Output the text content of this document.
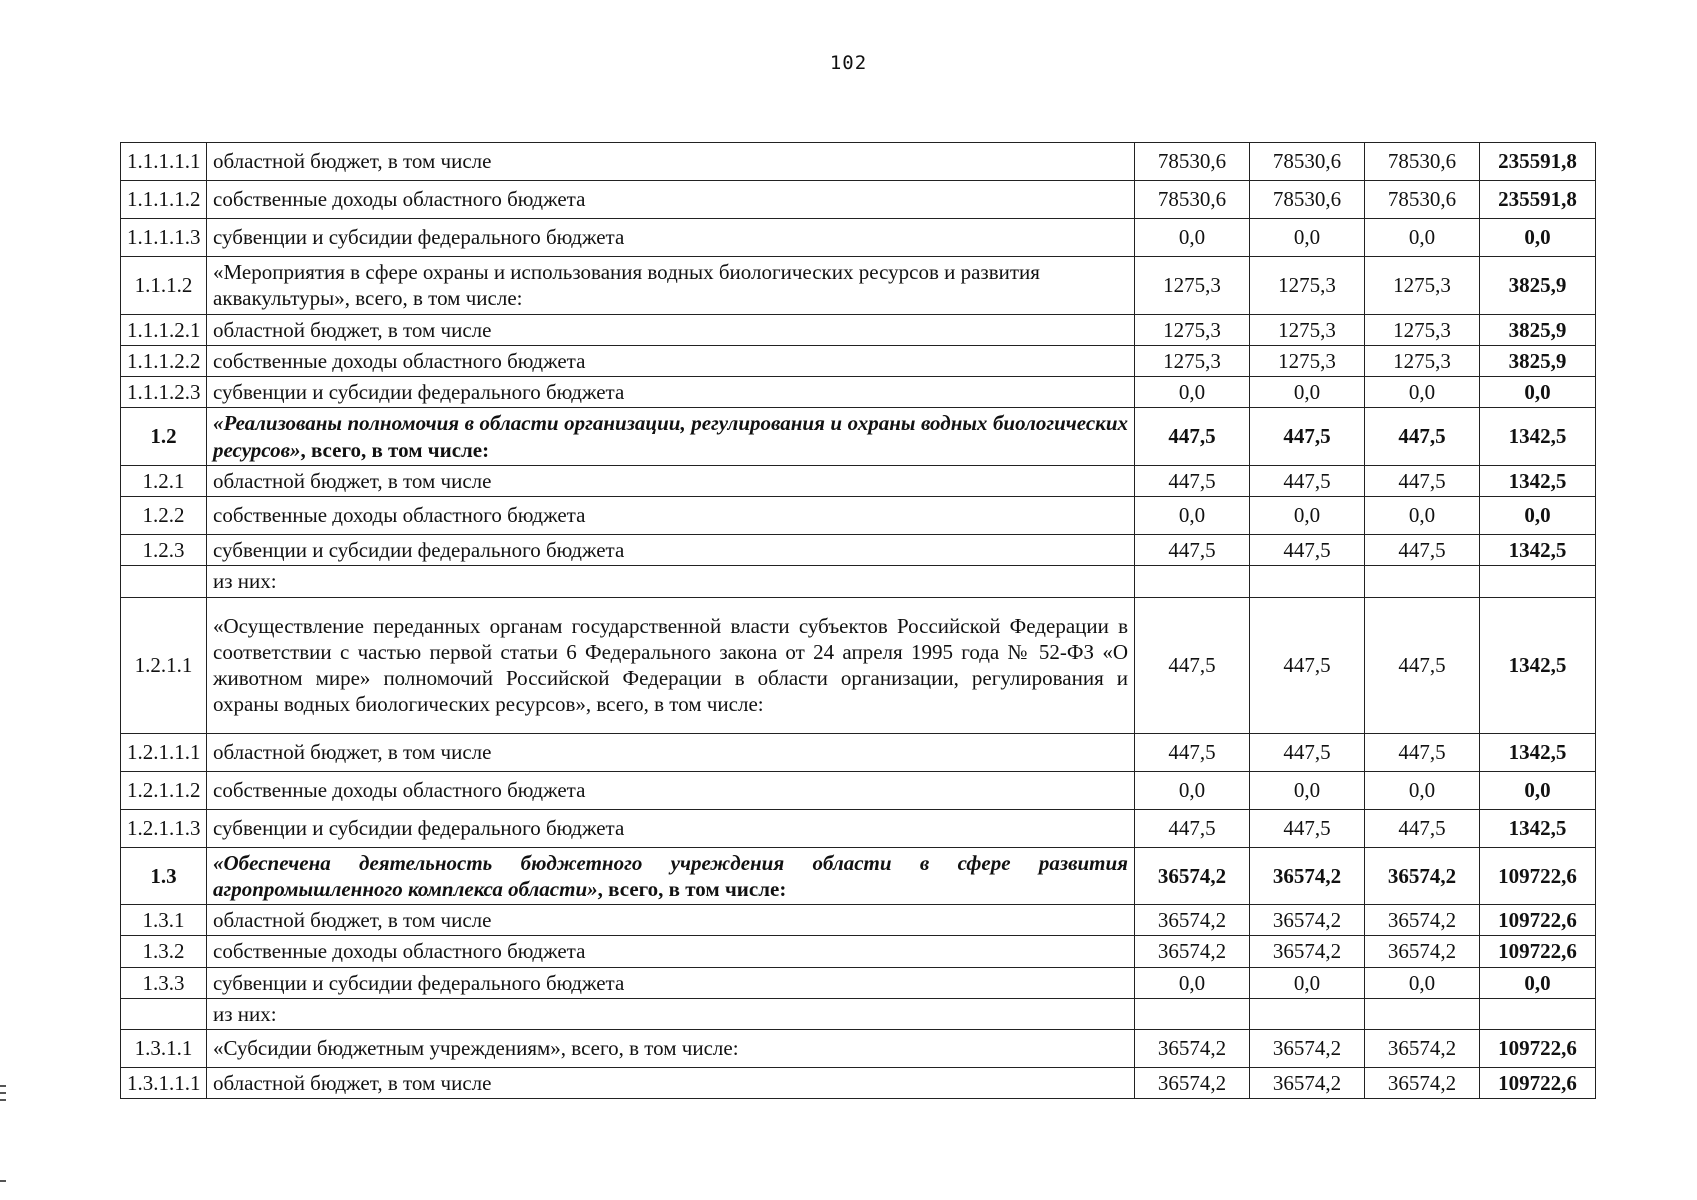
102
1.1.1.1.1	областной бюджет, в том числе	78530,6	78530,6	78530,6	235591,8
1.1.1.1.2	собственные доходы областного бюджета	78530,6	78530,6	78530,6	235591,8
1.1.1.1.3	субвенции и субсидии федерального бюджета	0,0	0,0	0,0	0,0
1.1.1.2	«Мероприятия в сфере охраны и использования водных биологических ресурсов и развития аквакультуры», всего, в том числе:	1275,3	1275,3	1275,3	3825,9
1.1.1.2.1	областной бюджет, в том числе	1275,3	1275,3	1275,3	3825,9
1.1.1.2.2	собственные доходы областного бюджета	1275,3	1275,3	1275,3	3825,9
1.1.1.2.3	субвенции и субсидии федерального бюджета	0,0	0,0	0,0	0,0
1.2	«Реализованы полномочия в области организации, регулирования и охраны водных биологических ресурсов», всего, в том числе:	447,5	447,5	447,5	1342,5
1.2.1	областной бюджет, в том числе	447,5	447,5	447,5	1342,5
1.2.2	собственные доходы областного бюджета	0,0	0,0	0,0	0,0
1.2.3	субвенции и субсидии федерального бюджета	447,5	447,5	447,5	1342,5
	из них:				
1.2.1.1	«Осуществление переданных органам государственной власти субъектов Российской Федерации в соответствии с частью первой статьи 6 Федерального закона от 24 апреля 1995 года № 52-ФЗ «О животном мире» полномочий Российской Федерации в области организации, регулирования и охраны водных биологических ресурсов», всего, в том числе:	447,5	447,5	447,5	1342,5
1.2.1.1.1	областной бюджет, в том числе	447,5	447,5	447,5	1342,5
1.2.1.1.2	собственные доходы областного бюджета	0,0	0,0	0,0	0,0
1.2.1.1.3	субвенции и субсидии федерального бюджета	447,5	447,5	447,5	1342,5
1.3	«Обеспечена деятельность бюджетного учреждения области в сфере развития агропромышленного комплекса области», всего, в том числе:	36574,2	36574,2	36574,2	109722,6
1.3.1	областной бюджет, в том числе	36574,2	36574,2	36574,2	109722,6
1.3.2	собственные доходы областного бюджета	36574,2	36574,2	36574,2	109722,6
1.3.3	субвенции и субсидии федерального бюджета	0,0	0,0	0,0	0,0
	из них:				
1.3.1.1	«Субсидии бюджетным учреждениям», всего, в том числе:	36574,2	36574,2	36574,2	109722,6
1.3.1.1.1	областной бюджет, в том числе	36574,2	36574,2	36574,2	109722,6
